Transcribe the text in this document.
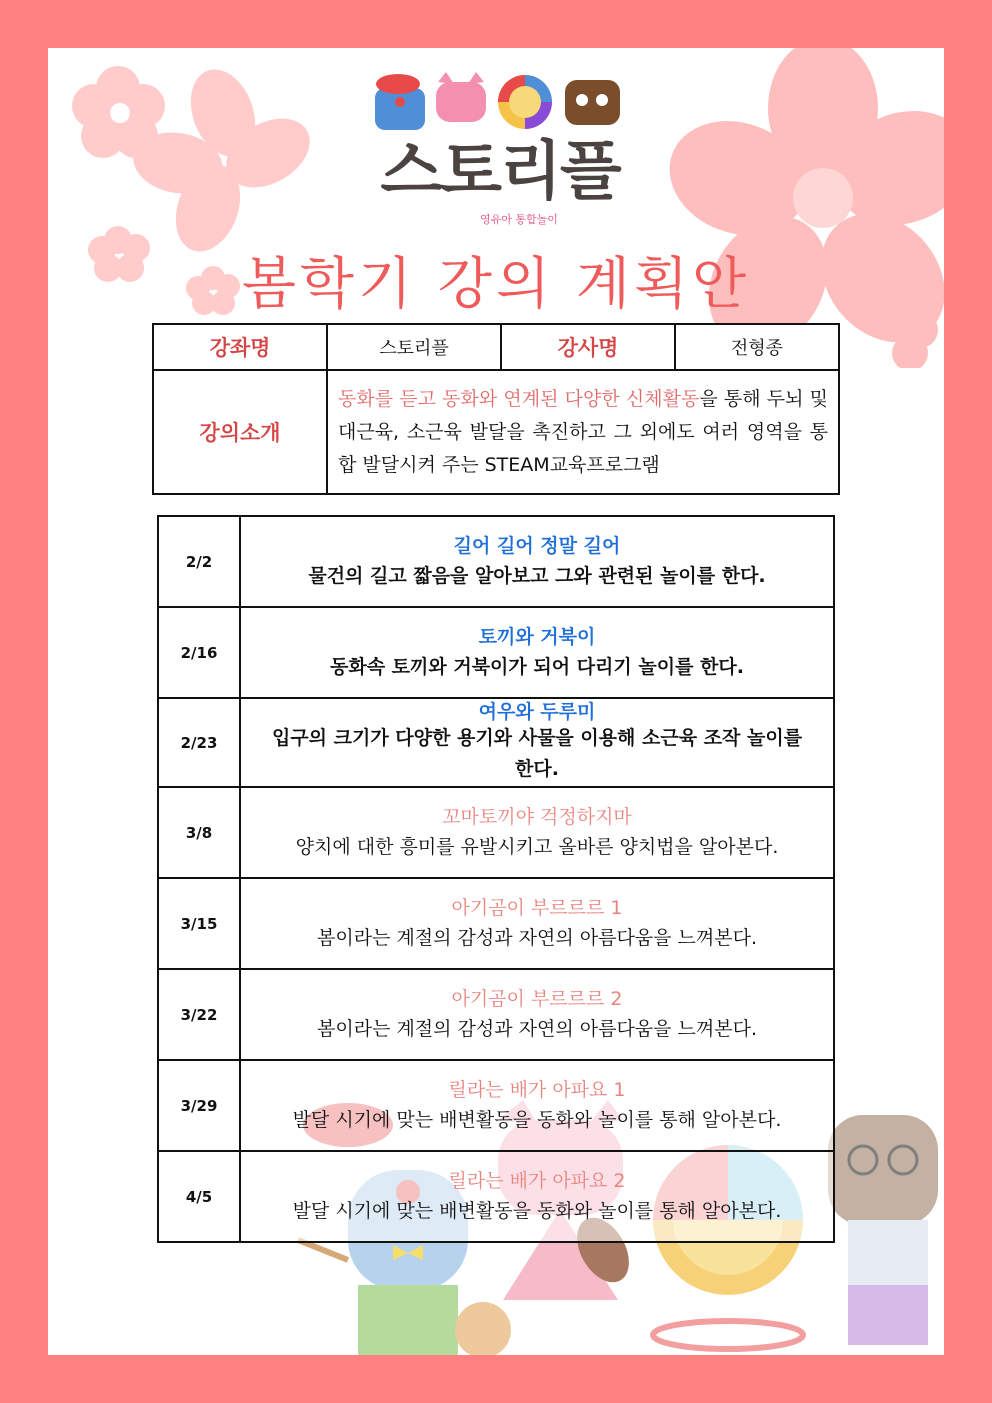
스토리플
영유아 통합놀이
봄학기 강의 계획안
강좌명	스토리플	강사명	전형종
강의소개	동화를 듣고 동화와 연계된 다양한 신체활동을 통해 두뇌 및 대근육, 소근육 발달을 촉진하고 그 외에도 여러 영역을 통합 발달시켜 주는 STEAM교육프로그램		
2/2	길어 길어 정말 길어
물건의 길고 짧음을 알아보고 그와 관련된 놀이를 한다.

2/16	토끼와 거북이
동화속 토끼와 거북이가 되어 다리기 놀이를 한다.

2/23	여우와 두루미
입구의 크기가 다양한 용기와 사물을 이용해 소근육 조작 놀이를 한다.

3/8	꼬마토끼야 걱정하지마
양치에 대한 흥미를 유발시키고 올바른 양치법을 알아본다.

3/15	아기곰이 부르르르 1
봄이라는 계절의 감성과 자연의 아름다움을 느껴본다.

3/22	아기곰이 부르르르 2
봄이라는 계절의 감성과 자연의 아름다움을 느껴본다.

3/29	릴라는 배가 아파요 1
발달 시기에 맞는 배변활동을 동화와 놀이를 통해 알아본다.

4/5	릴라는 배가 아파요 2
발달 시기에 맞는 배변활동을 동화와 놀이를 통해 알아본다.
